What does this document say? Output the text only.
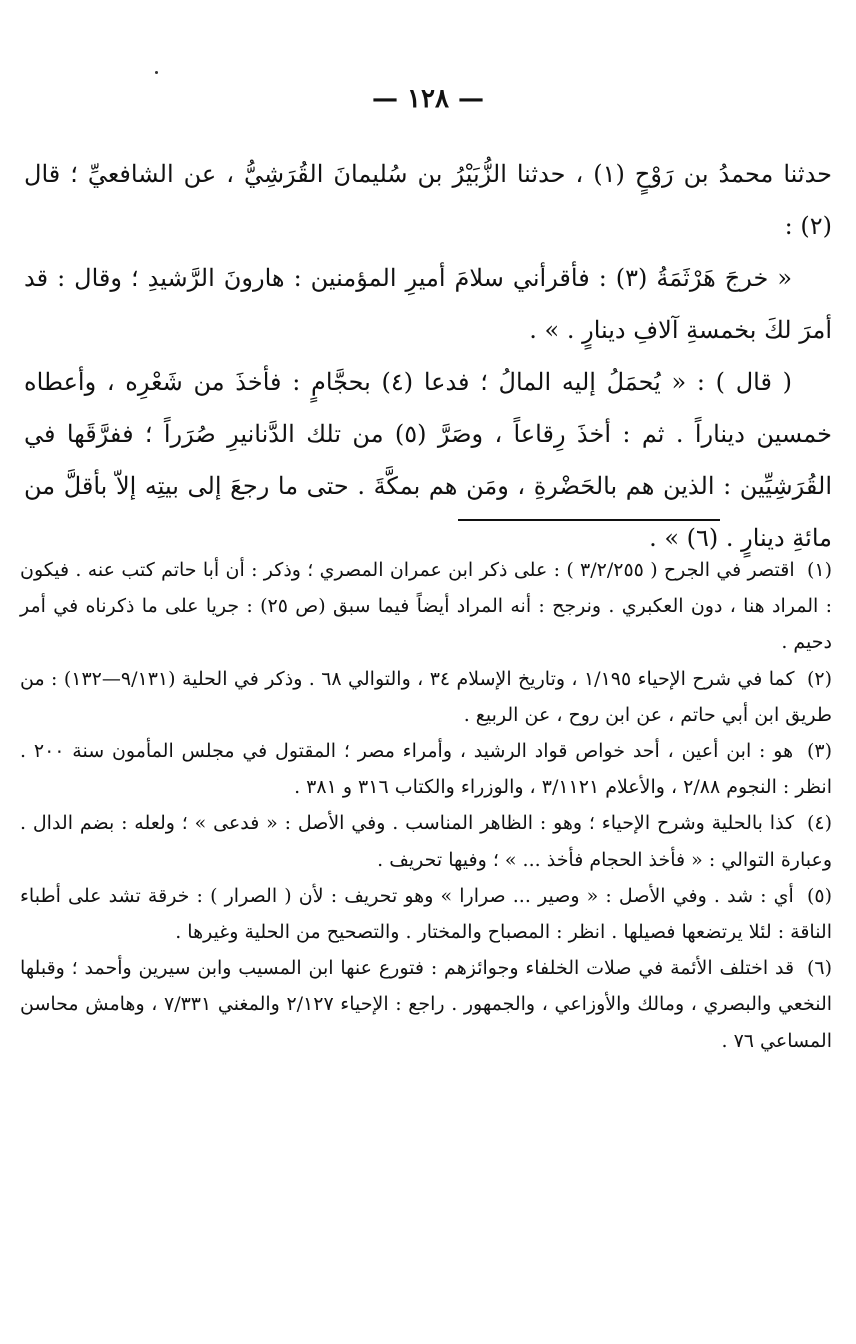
— ١٢٨ —

حدثنا محمدُ بن رَوْحٍ (١) ، حدثنا الزُّبَيْرُ بن سُليمانَ القُرَشِيُّ ، عن الشافعيِّ ؛ قال (٢) :

« خرجَ هَرْثَمَةُ (٣) : فأقرأني سلامَ أميرِ المؤمنين : هارونَ الرَّشيدِ ؛ وقال : قد أمرَ لكَ بخمسةِ آلافِ دينارٍ . » .

( قال ) : « يُحمَلُ إليه المالُ ؛ فدعا (٤) بحجَّامٍ : فأخذَ من شَعْرِه ، وأعطاه خمسين ديناراً . ثم : أخذَ رِقاعاً ، وصَرَّ (٥) من تلك الدَّنانيرِ صُرَراً ؛ ففرَّقَها في القُرَشِيِّين : الذين هم بالحَضْرةِ ، ومَن هم بمكَّةَ . حتى ما رجعَ إلى بيتِه إلاّ بأقلَّ من مائةِ دينارٍ . (٦) » .

(١) اقتصر في الجرح ( ٣/٢/٢٥٥ ) : على ذكر ابن عمران المصري ؛ وذكر : أن أبا حاتم كتب عنه . فيكون : المراد هنا ، دون العكبري . ونرجح : أنه المراد أيضاً فيما سبق (ص ٢٥) : جريا على ما ذكرناه في أمر دحيم .

(٢) كما في شرح الإحياء ١/١٩٥ ، وتاريخ الإسلام ٣٤ ، والتوالي ٦٨ . وذكر في الحلية (٩/١٣١—١٣٢) : من طريق ابن أبي حاتم ، عن ابن روح ، عن الربيع .

(٣) هو : ابن أعين ، أحد خواص قواد الرشيد ، وأمراء مصر ؛ المقتول في مجلس المأمون سنة ٢٠٠ . انظر : النجوم ٢/٨٨ ، والأعلام ٣/١١٢١ ، والوزراء والكتاب ٣١٦ و ٣٨١ .

(٤) كذا بالحلية وشرح الإحياء ؛ وهو : الظاهر المناسب . وفي الأصل : « فدعى » ؛ ولعله : بضم الدال . وعبارة التوالي : « فأخذ الحجام فأخذ ... » ؛ وفيها تحريف .

(٥) أي : شد . وفي الأصل : « وصير ... صرارا » وهو تحريف : لأن ( الصرار ) : خرقة تشد على أطباء الناقة : لئلا يرتضعها فصيلها . انظر : المصباح والمختار . والتصحيح من الحلية وغيرها .

(٦) قد اختلف الأئمة في صلات الخلفاء وجوائزهم : فتورع عنها ابن المسيب وابن سيرين وأحمد ؛ وقبلها النخعي والبصري ، ومالك والأوزاعي ، والجمهور . راجع : الإحياء ٢/١٢٧ والمغني ٧/٣٣١ ، وهامش محاسن المساعي ٧٦ .
